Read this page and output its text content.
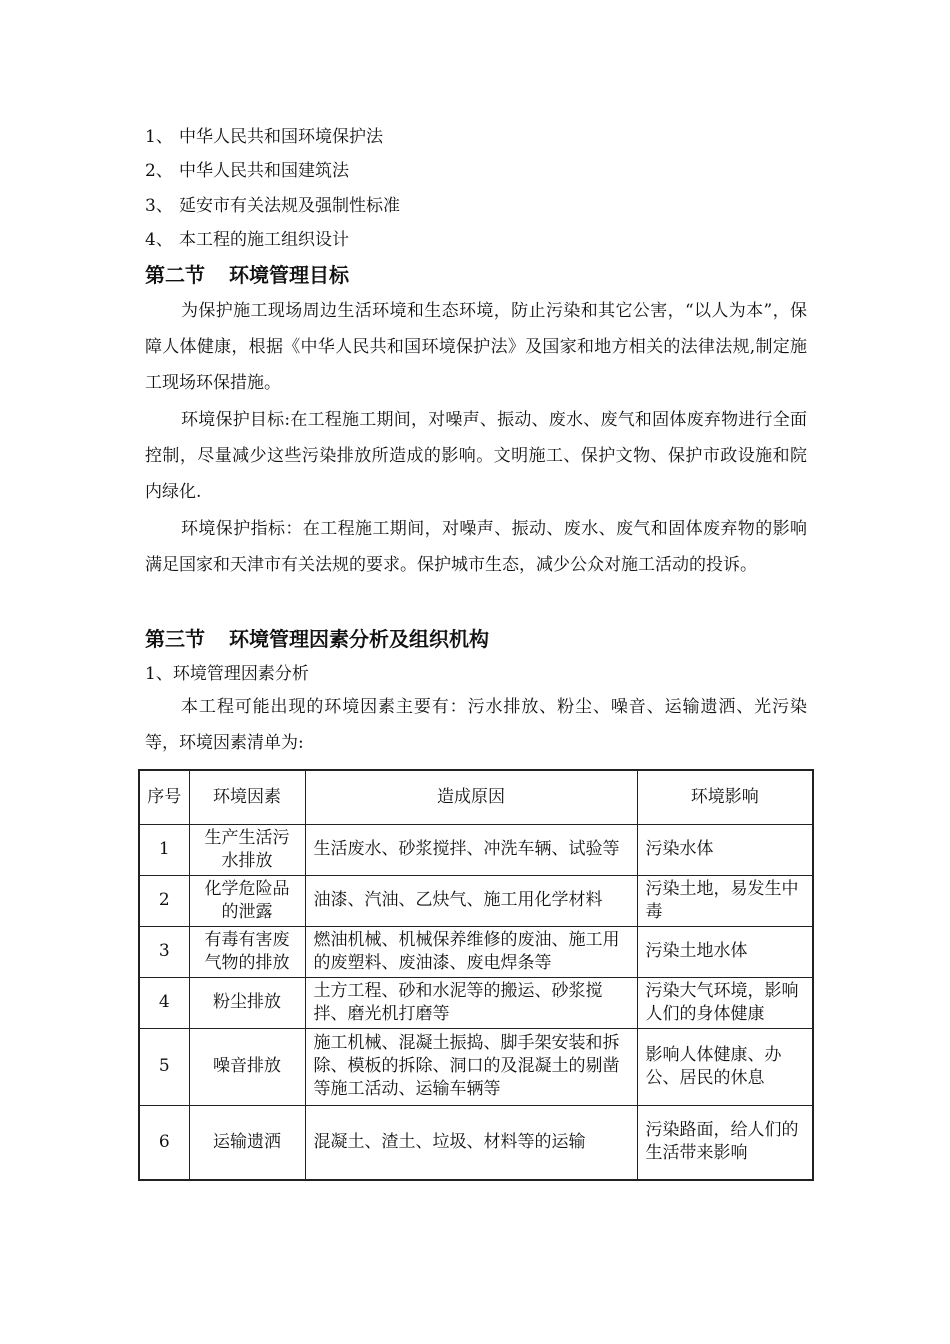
1、 中华人民共和国环境保护法
2、 中华人民共和国建筑法
3、 延安市有关法规及强制性标准
4、 本工程的施工组织设计
第二节 环境管理目标

为保护施工现场周边生活环境和生态环境，防止污染和其它公害，“以人为本”，保障人体健康，根据《中华人民共和国环境保护法》及国家和地方相关的法律法规,制定施工现场环保措施。

环境保护目标:在工程施工期间，对噪声、振动、废水、废气和固体废弃物进行全面控制，尽量减少这些污染排放所造成的影响。文明施工、保护文物、保护市政设施和院内绿化.

环境保护指标：在工程施工期间，对噪声、振动、废水、废气和固体废弃物的影响满足国家和天津市有关法规的要求。保护城市生态，减少公众对施工活动的投诉。

第三节 环境管理因素分析及组织机构
1、环境管理因素分析

本工程可能出现的环境因素主要有：污水排放、粉尘、噪音、运输遗洒、光污染等，环境因素清单为:

序号	环境因素	造成原因	环境影响
1	生产生活污水排放	生活废水、砂浆搅拌、冲洗车辆、试验等	污染水体
2	化学危险品的泄露	油漆、汽油、乙炔气、施工用化学材料	污染土地，易发生中毒
3	有毒有害废气物的排放	燃油机械、机械保养维修的废油、施工用的废塑料、废油漆、废电焊条等	污染土地水体
4	粉尘排放	土方工程、砂和水泥等的搬运、砂浆搅拌、磨光机打磨等	污染大气环境，影响人们的身体健康
5	噪音排放	施工机械、混凝土振捣、脚手架安装和拆除、模板的拆除、洞口的及混凝土的剔凿等施工活动、运输车辆等	影响人体健康、办公、居民的休息
6	运输遗洒	混凝土、渣土、垃圾、材料等的运输	污染路面，给人们的生活带来影响
